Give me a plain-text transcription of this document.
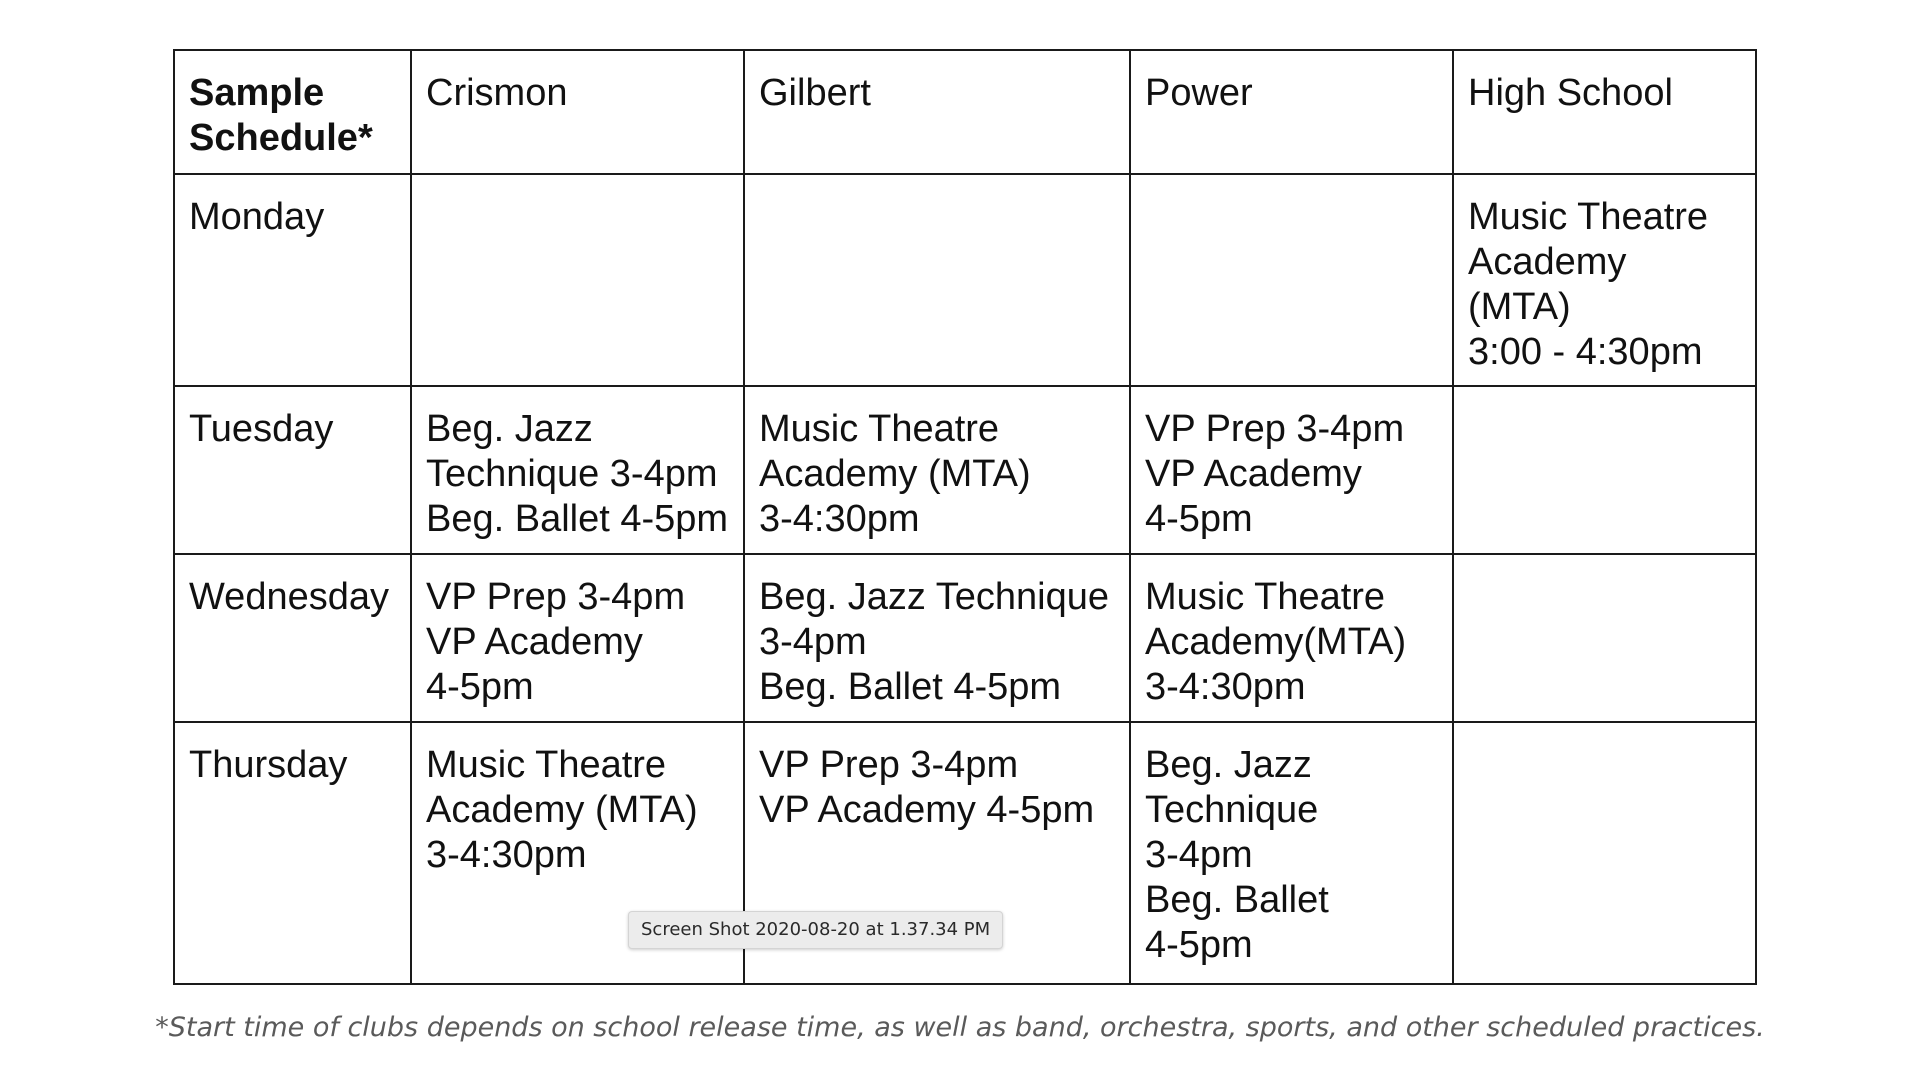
Sample
Schedule*	Crismon	Gilbert	Power	High School
Monday				Music Theatre
Academy
(MTA)
3:00 - 4:30pm
Tuesday	Beg. Jazz
Technique 3-4pm
Beg. Ballet 4-5pm	Music Theatre
Academy (MTA)
3-4:30pm	VP Prep 3-4pm
VP Academy
4-5pm	
Wednesday	VP Prep 3-4pm
VP Academy
4-5pm	Beg. Jazz Technique
3-4pm
Beg. Ballet 4-5pm	Music Theatre
Academy(MTA)
3-4:30pm	
Thursday	Music Theatre
Academy (MTA)
3-4:30pm	VP Prep 3-4pm
VP Academy 4-5pm	Beg. Jazz
Technique
3-4pm
Beg. Ballet
4-5pm	
Screen Shot 2020-08-20 at 1.37.34 PM
*Start time of clubs depends on school release time, as well as band, orchestra, sports, and other scheduled practices.
